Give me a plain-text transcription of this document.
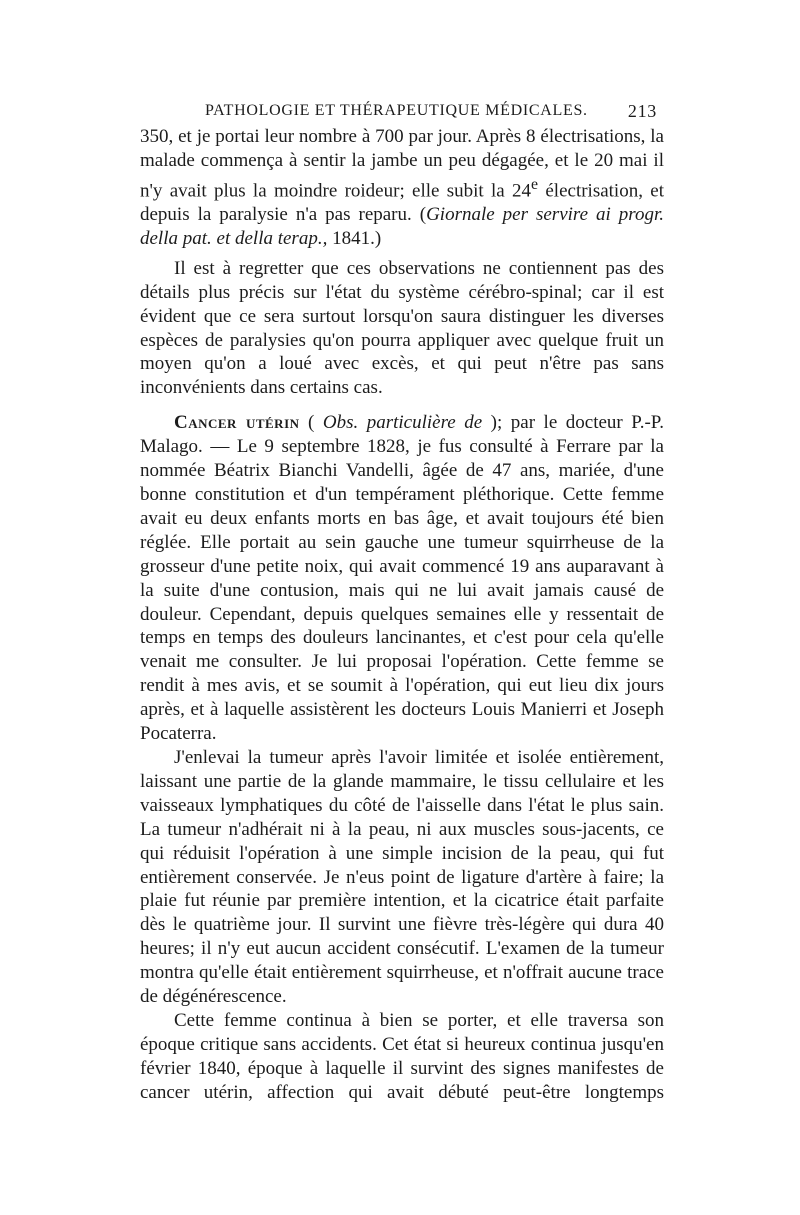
PATHOLOGIE ET THÉRAPEUTIQUE MÉDICALES. 213

350, et je portai leur nombre à 700 par jour. Après 8 électrisations, la malade commença à sentir la jambe un peu dégagée, et le 20 mai il n'y avait plus la moindre roideur; elle subit la 24e électrisation, et depuis la paralysie n'a pas reparu. (Giornale per servire ai progr. della pat. et della terap., 1841.)

Il est à regretter que ces observations ne contiennent pas des détails plus précis sur l'état du système cérébro-spinal; car il est évident que ce sera surtout lorsqu'on saura distinguer les diverses espèces de paralysies qu'on pourra appliquer avec quelque fruit un moyen qu'on a loué avec excès, et qui peut n'être pas sans inconvénients dans certains cas.

Cancer utérin ( Obs. particulière de ); par le docteur P.-P. Malago. — Le 9 septembre 1828, je fus consulté à Ferrare par la nommée Béatrix Bianchi Vandelli, âgée de 47 ans, mariée, d'une bonne constitution et d'un tempérament pléthorique. Cette femme avait eu deux enfants morts en bas âge, et avait toujours été bien réglée. Elle portait au sein gauche une tumeur squirrheuse de la grosseur d'une petite noix, qui avait commencé 19 ans auparavant à la suite d'une contusion, mais qui ne lui avait jamais causé de douleur. Cependant, depuis quelques semaines elle y ressentait de temps en temps des douleurs lancinantes, et c'est pour cela qu'elle venait me consulter. Je lui proposai l'opération. Cette femme se rendit à mes avis, et se soumit à l'opération, qui eut lieu dix jours après, et à laquelle assistèrent les docteurs Louis Manierri et Joseph Pocaterra.

J'enlevai la tumeur après l'avoir limitée et isolée entièrement, laissant une partie de la glande mammaire, le tissu cellulaire et les vaisseaux lymphatiques du côté de l'aisselle dans l'état le plus sain. La tumeur n'adhérait ni à la peau, ni aux muscles sous-jacents, ce qui réduisit l'opération à une simple incision de la peau, qui fut entièrement conservée. Je n'eus point de ligature d'artère à faire; la plaie fut réunie par première intention, et la cicatrice était parfaite dès le quatrième jour. Il survint une fièvre très-légère qui dura 40 heures; il n'y eut aucun accident consécutif. L'examen de la tumeur montra qu'elle était entièrement squirrheuse, et n'offrait aucune trace de dégénérescence.

Cette femme continua à bien se porter, et elle traversa son époque critique sans accidents. Cet état si heureux continua jusqu'en février 1840, époque à laquelle il survint des signes manifestes de cancer utérin, affection qui avait débuté peut-être longtemps
